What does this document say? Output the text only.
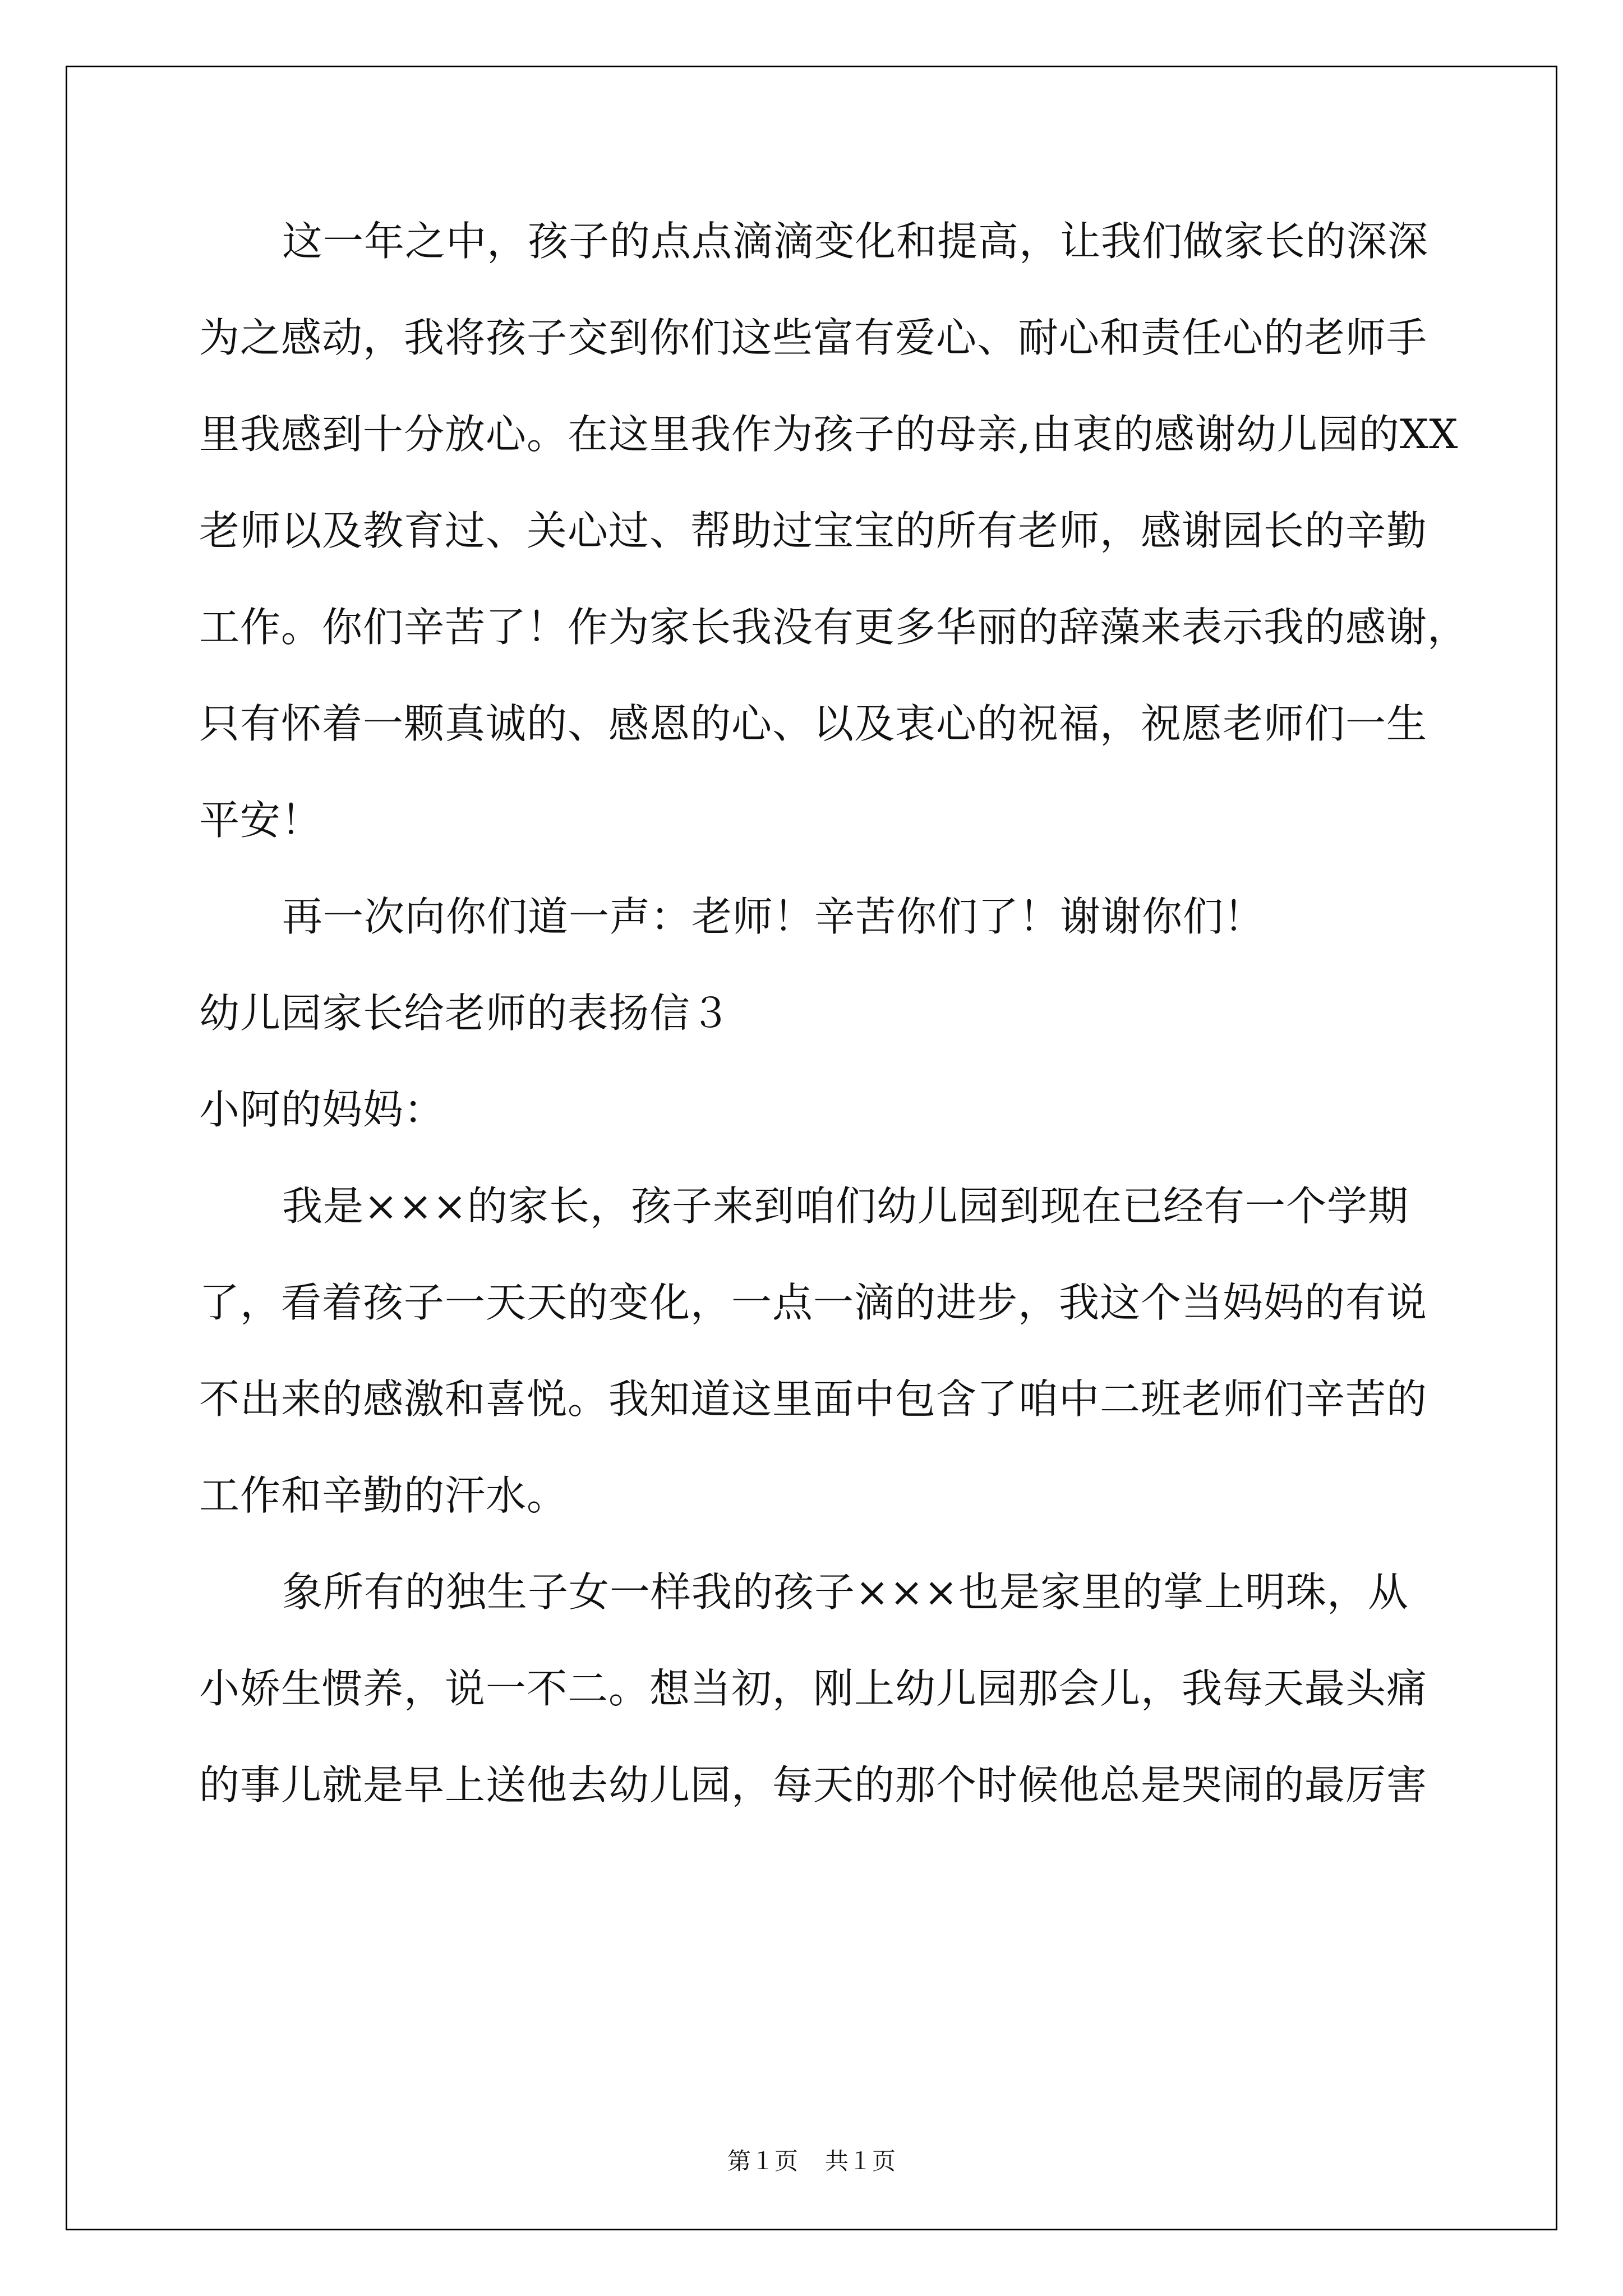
这一年之中，孩子的点点滴滴变化和提高，让我们做家长的深深
为之感动，我将孩子交到你们这些富有爱心、耐心和责任心的老师手
里我感到十分放心。在这里我作为孩子的母亲,由衷的感谢幼儿园的XX
老师以及教育过、关心过、帮助过宝宝的所有老师，感谢园长的辛勤
工作。你们辛苦了！作为家长我没有更多华丽的辞藻来表示我的感谢，
只有怀着一颗真诚的、感恩的心、以及衷心的祝福，祝愿老师们一生
平安！
再一次向你们道一声：老师！辛苦你们了！谢谢你们！
幼儿园家长给老师的表扬信３
小阿的妈妈：
我是×××的家长，孩子来到咱们幼儿园到现在已经有一个学期
了，看着孩子一天天的变化，一点一滴的进步，我这个当妈妈的有说
不出来的感激和喜悦。我知道这里面中包含了咱中二班老师们辛苦的
工作和辛勤的汗水。
象所有的独生子女一样我的孩子×××也是家里的掌上明珠，从
小娇生惯养，说一不二。想当初，刚上幼儿园那会儿，我每天最头痛
的事儿就是早上送他去幼儿园，每天的那个时候他总是哭闹的最厉害
第１页 共１页
